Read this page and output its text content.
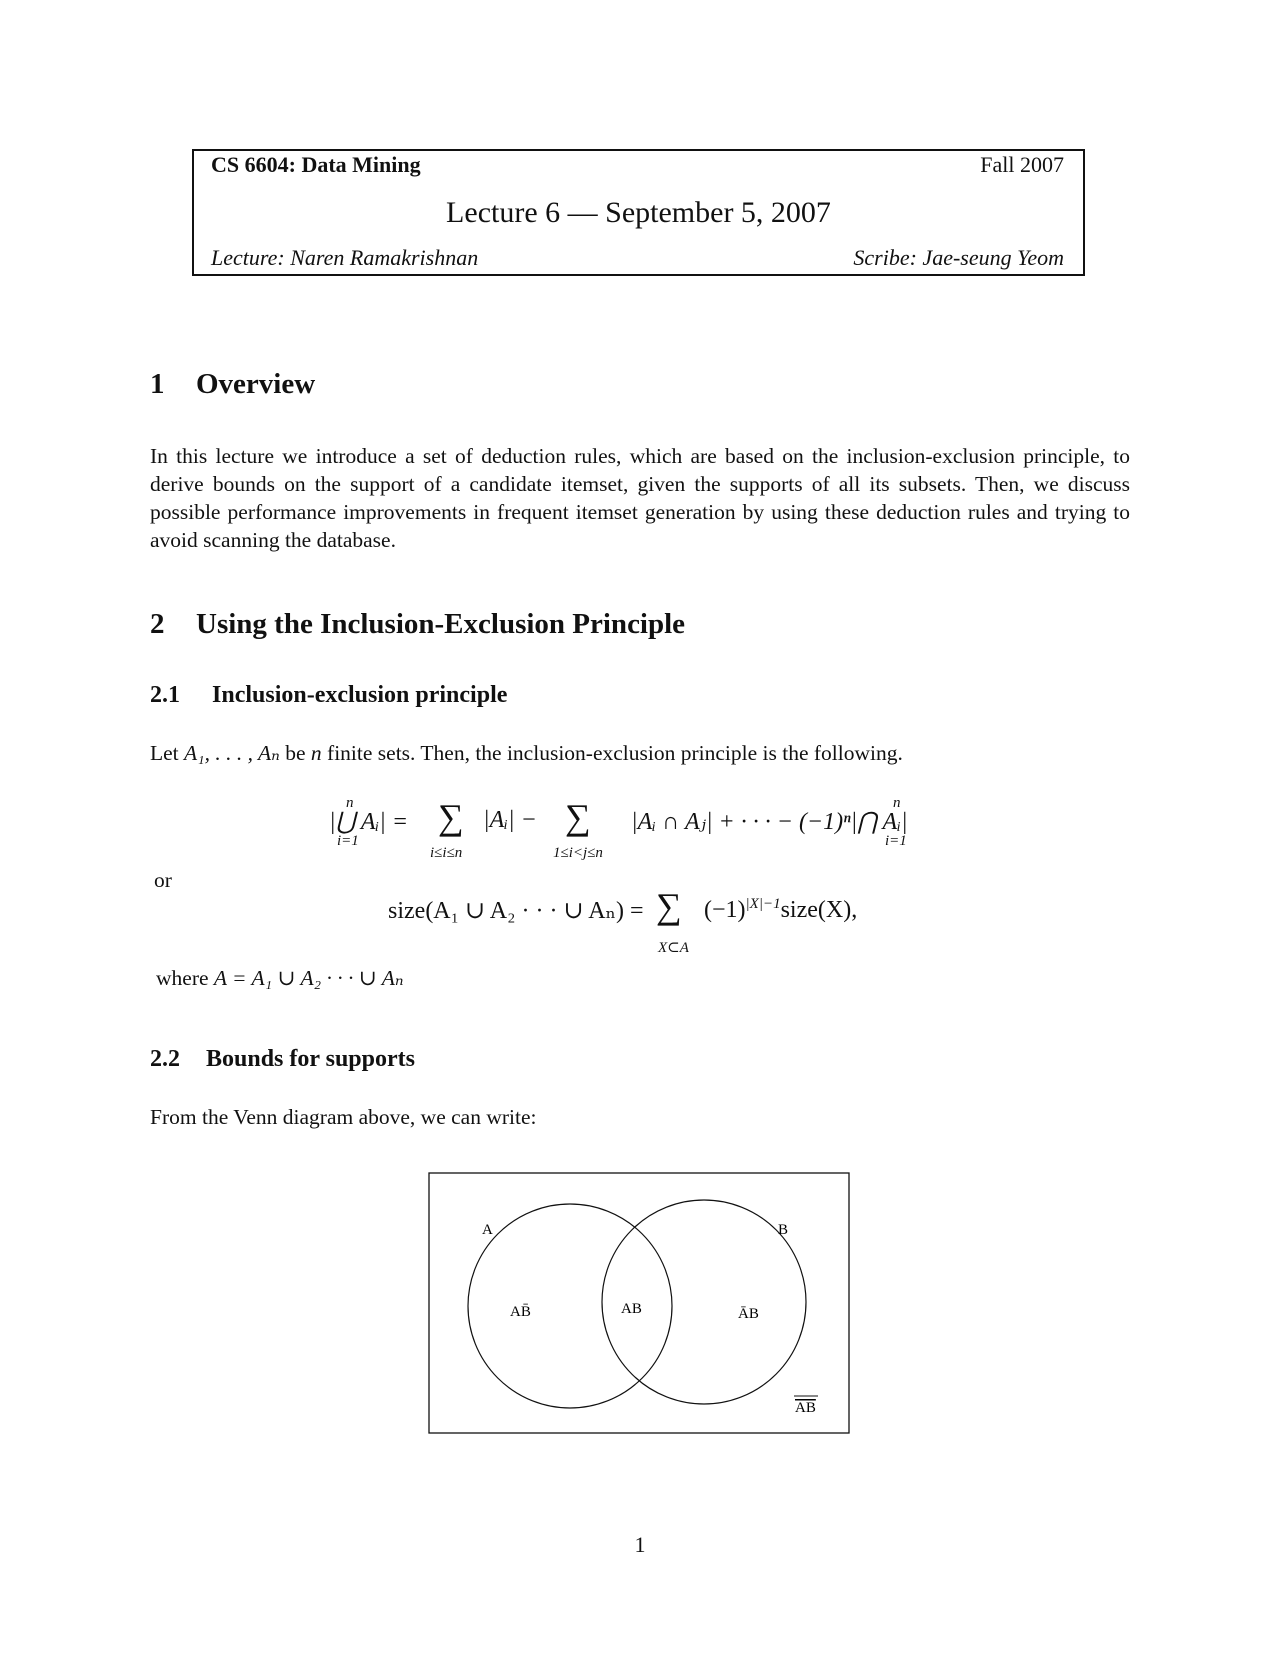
CS 6604: Data Mining	Fall 2007
Lecture 6 — September 5, 2007
Lecture: Naren Ramakrishnan	Scribe: Jae-seung Yeom
1 Overview
In this lecture we introduce a set of deduction rules, which are based on the inclusion-exclusion principle, to derive bounds on the support of a candidate itemset, given the supports of all its subsets. Then, we discuss possible performance improvements in frequent itemset generation by using these deduction rules and trying to avoid scanning the database.
2 Using the Inclusion-Exclusion Principle
2.1 Inclusion-exclusion principle
Let A₁, . . . , Aₙ be n finite sets. Then, the inclusion-exclusion principle is the following.
n
|⋃ Aᵢ| =
i=1
∑ |Aᵢ| −
i≤i≤n
∑ |Aᵢ ∩ Aⱼ| + · · · − (−1)ⁿ|⋂ Aᵢ|
1≤i<j≤n
n
i=1
or
size(A₁ ∪ A₂ · · · ∪ Aₙ) = ∑ $(-1)^{|X|-1}size(X)$,
X⊂A
where A = A₁ ∪ A₂ · · · ∪ Aₙ
2.2 Bounds for supports
From the Venn diagram above, we can write:
A	B
AB̄	AB	ĀB
AB
1
